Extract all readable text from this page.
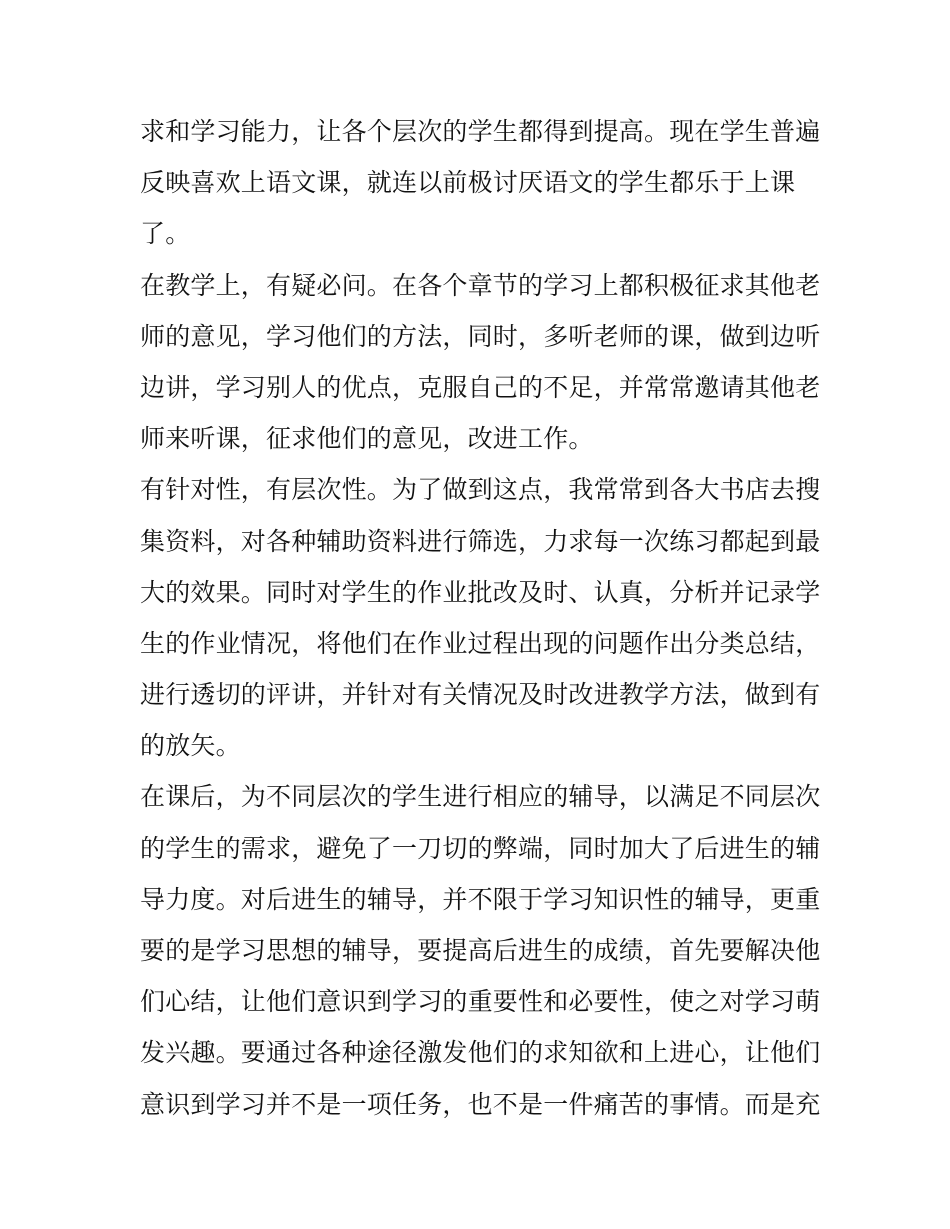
求和学习能力，让各个层次的学生都得到提高。现在学生普遍
反映喜欢上语文课，就连以前极讨厌语文的学生都乐于上课
了。
在教学上，有疑必问。在各个章节的学习上都积极征求其他老
师的意见，学习他们的方法，同时，多听老师的课，做到边听
边讲，学习别人的优点，克服自己的不足，并常常邀请其他老
师来听课，征求他们的意见，改进工作。
有针对性，有层次性。为了做到这点，我常常到各大书店去搜
集资料，对各种辅助资料进行筛选，力求每一次练习都起到最
大的效果。同时对学生的作业批改及时、认真，分析并记录学
生的作业情况，将他们在作业过程出现的问题作出分类总结，
进行透切的评讲，并针对有关情况及时改进教学方法，做到有
的放矢。
在课后，为不同层次的学生进行相应的辅导，以满足不同层次
的学生的需求，避免了一刀切的弊端，同时加大了后进生的辅
导力度。对后进生的辅导，并不限于学习知识性的辅导，更重
要的是学习思想的辅导，要提高后进生的成绩，首先要解决他
们心结，让他们意识到学习的重要性和必要性，使之对学习萌
发兴趣。要通过各种途径激发他们的求知欲和上进心，让他们
意识到学习并不是一项任务，也不是一件痛苦的事情。而是充
